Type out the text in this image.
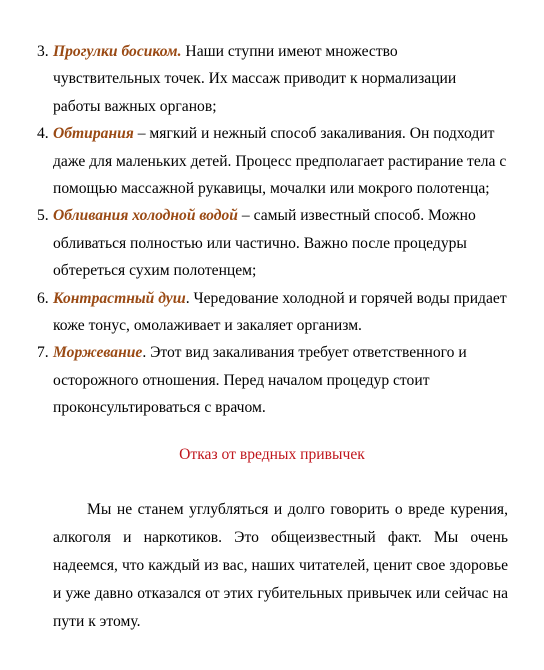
3. Прогулки босиком. Наши ступни имеют множество чувствительных точек. Их массаж приводит к нормализации работы важных органов;
4. Обтирания – мягкий и нежный способ закаливания. Он подходит даже для маленьких детей. Процесс предполагает растирание тела с помощью массажной рукавицы, мочалки или мокрого полотенца;
5. Обливания холодной водой – самый известный способ. Можно обливаться полностью или частично. Важно после процедуры обтереться сухим полотенцем;
6. Контрастный душ. Чередование холодной и горячей воды придает коже тонус, омолаживает и закаляет организм.
7. Моржевание. Этот вид закаливания требует ответственного и осторожного отношения. Перед началом процедур стоит проконсультироваться с врачом.
Отказ от вредных привычек

Мы не станем углубляться и долго говорить о вреде курения, алкоголя и наркотиков. Это общеизвестный факт. Мы очень надеемся, что каждый из вас, наших читателей, ценит свое здоровье и уже давно отказался от этих губительных привычек или сейчас на пути к этому.
